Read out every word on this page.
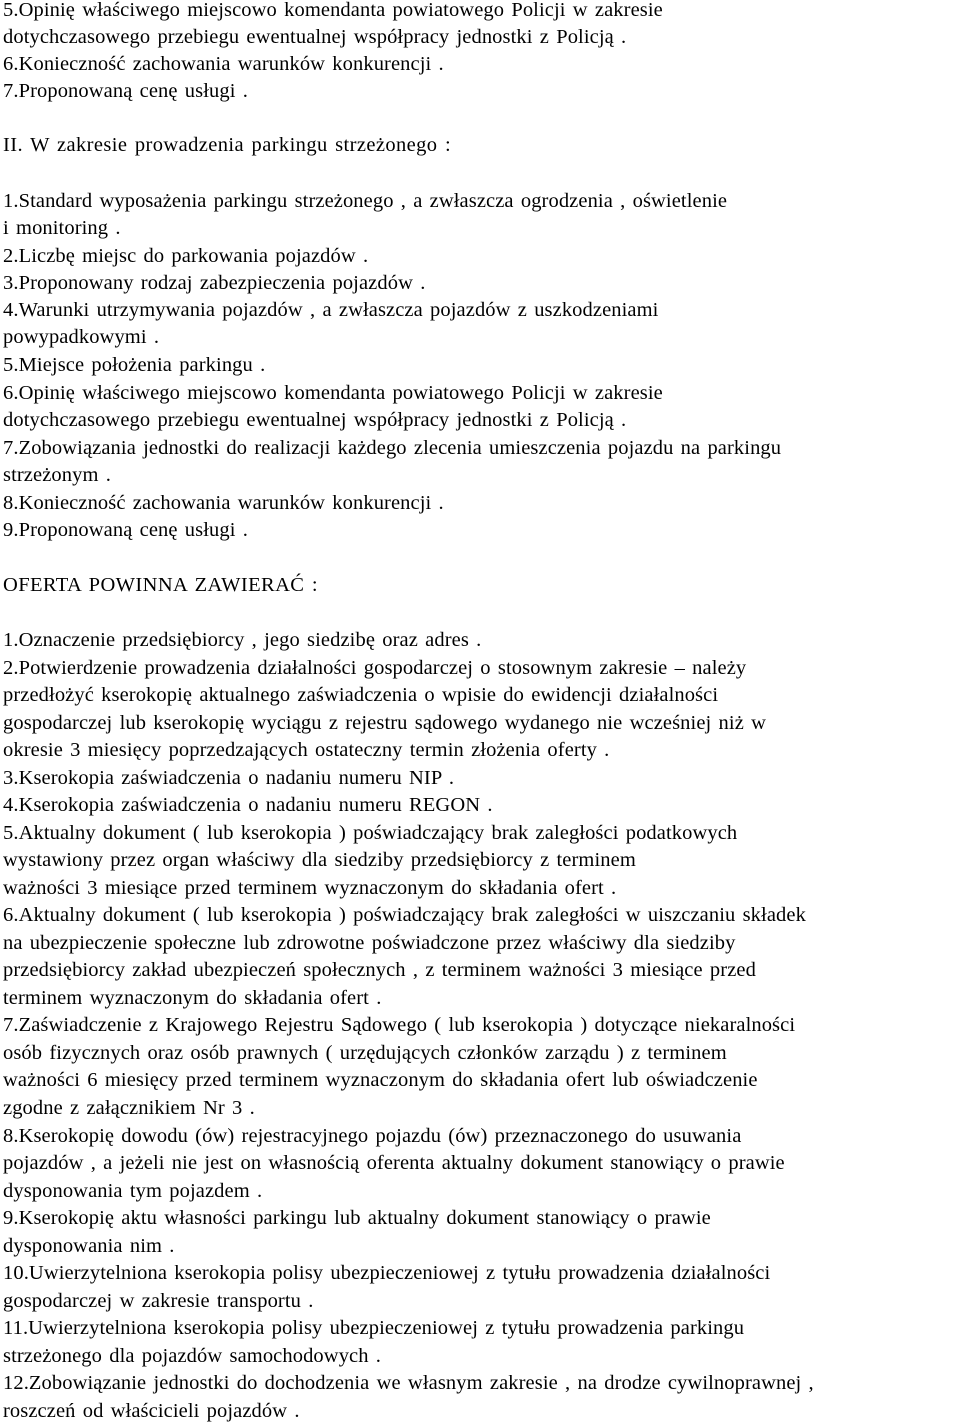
5.Opinię właściwego miejscowo komendanta powiatowego Policji w zakresie
dotychczasowego przebiegu ewentualnej współpracy jednostki z Policją .
6.Konieczność zachowania warunków konkurencji .
7.Proponowaną cenę usługi .
II. W zakresie prowadzenia parkingu strzeżonego :
1.Standard wyposażenia parkingu strzeżonego , a zwłaszcza ogrodzenia , oświetlenie
i monitoring .
2.Liczbę miejsc do parkowania pojazdów .
3.Proponowany rodzaj zabezpieczenia pojazdów .
4.Warunki utrzymywania pojazdów , a zwłaszcza pojazdów z uszkodzeniami
powypadkowymi .
5.Miejsce położenia parkingu .
6.Opinię właściwego miejscowo komendanta powiatowego Policji w zakresie
dotychczasowego przebiegu ewentualnej współpracy jednostki z Policją .
7.Zobowiązania jednostki do realizacji każdego zlecenia umieszczenia pojazdu na parkingu
strzeżonym .
8.Konieczność zachowania warunków konkurencji .
9.Proponowaną cenę usługi .
OFERTA POWINNA ZAWIERAĆ :
1.Oznaczenie przedsiębiorcy , jego siedzibę oraz adres .
2.Potwierdzenie prowadzenia działalności gospodarczej o stosownym zakresie – należy
przedłożyć kserokopię aktualnego zaświadczenia o wpisie do ewidencji działalności
gospodarczej lub kserokopię wyciągu z rejestru sądowego wydanego nie wcześniej niż w
okresie 3 miesięcy poprzedzających ostateczny termin złożenia oferty .
3.Kserokopia zaświadczenia o nadaniu numeru NIP .
4.Kserokopia zaświadczenia o nadaniu numeru REGON .
5.Aktualny dokument ( lub kserokopia ) poświadczający brak zaległości podatkowych
wystawiony przez organ właściwy dla siedziby przedsiębiorcy z terminem
ważności 3 miesiące przed terminem wyznaczonym do składania ofert .
6.Aktualny dokument ( lub kserokopia ) poświadczający brak zaległości w uiszczaniu składek
na ubezpieczenie społeczne lub zdrowotne poświadczone przez właściwy dla siedziby
przedsiębiorcy zakład ubezpieczeń społecznych , z terminem ważności 3 miesiące przed
terminem wyznaczonym do składania ofert .
7.Zaświadczenie z Krajowego Rejestru Sądowego ( lub kserokopia ) dotyczące niekaralności
osób fizycznych oraz osób prawnych ( urzędujących członków zarządu ) z terminem
ważności 6 miesięcy przed terminem wyznaczonym do składania ofert lub oświadczenie
zgodne z załącznikiem Nr 3 .
8.Kserokopię dowodu (ów) rejestracyjnego pojazdu (ów) przeznaczonego do usuwania
pojazdów , a jeżeli nie jest on własnością oferenta aktualny dokument stanowiący o prawie
dysponowania tym pojazdem .
9.Kserokopię aktu własności parkingu lub aktualny dokument stanowiący o prawie
dysponowania nim .
10.Uwierzytelniona kserokopia polisy ubezpieczeniowej z tytułu prowadzenia działalności
gospodarczej w zakresie transportu .
11.Uwierzytelniona kserokopia polisy ubezpieczeniowej z tytułu prowadzenia parkingu
strzeżonego dla pojazdów samochodowych .
12.Zobowiązanie jednostki do dochodzenia we własnym zakresie , na drodze cywilnoprawnej ,
roszczeń od właścicieli pojazdów .
